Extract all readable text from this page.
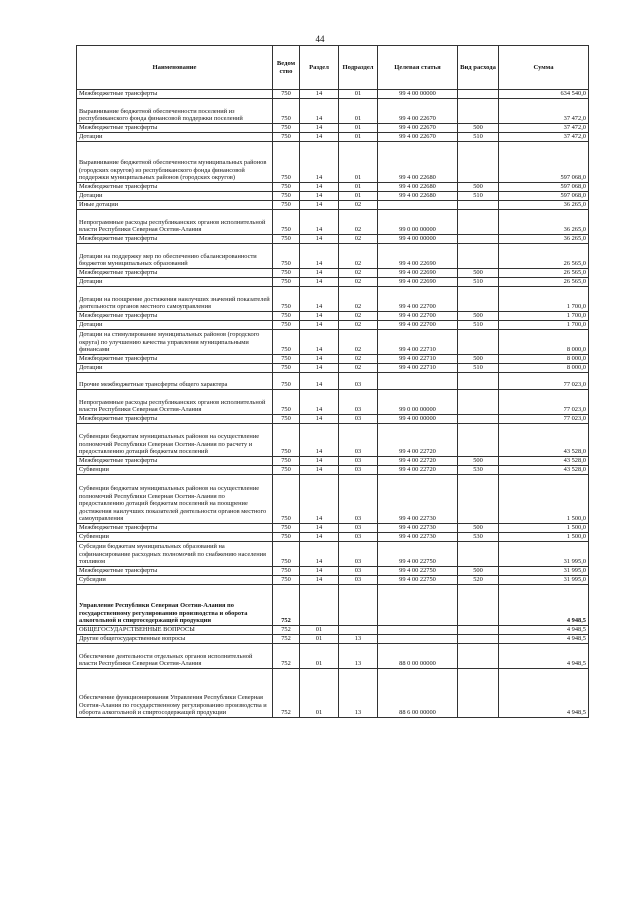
44
Наименование	Ведом ство	Раздел	Подраздел	Целевая статья	Вид расхода	Сумма
Межбюджетные трансферты	750	14	01	99 4 00 00000		634 540,0
Выравнивание бюджетной обеспеченности поселений из республиканского фонда финансовой поддержки поселений	750	14	01	99 4 00 22670		37 472,0
Межбюджетные трансферты	750	14	01	99 4 00 22670	500	37 472,0
Дотации	750	14	01	99 4 00 22670	510	37 472,0
Выравнивание бюджетной обеспеченности муниципальных районов (городских округов) из республиканского фонда финансовой поддержки муниципальных районов (городских округов)	750	14	01	99 4 00 22680		597 068,0
Межбюджетные трансферты	750	14	01	99 4 00 22680	500	597 068,0
Дотации	750	14	01	99 4 00 22680	510	597 068,0
Иные дотации	750	14	02			36 265,0
Непрограммные расходы республиканских органов исполнительной власти Республики Северная Осетия-Алания	750	14	02	99 0 00 00000		36 265,0
Межбюджетные трансферты	750	14	02	99 4 00 00000		36 265,0
Дотации на поддержку мер по обеспечению сбалансированности бюджетов муниципальных образований	750	14	02	99 4 00 22690		26 565,0
Межбюджетные трансферты	750	14	02	99 4 00 22690	500	26 565,0
Дотации	750	14	02	99 4 00 22690	510	26 565,0
Дотации на поощрение достижения наилучших значений показателей деятельности органов местного самоуправления	750	14	02	99 4 00 22700		1 700,0
Межбюджетные трансферты	750	14	02	99 4 00 22700	500	1 700,0
Дотации	750	14	02	99 4 00 22700	510	1 700,0
Дотации на стимулирование муниципальных районов (городского округа) по улучшению качества управления муниципальными финансами	750	14	02	99 4 00 22710		8 000,0
Межбюджетные трансферты	750	14	02	99 4 00 22710	500	8 000,0
Дотации	750	14	02	99 4 00 22710	510	8 000,0
Прочие межбюджетные трансферты общего характера	750	14	03			77 023,0
Непрограммные расходы республиканских органов исполнительной власти Республики Северная Осетия-Алания	750	14	03	99 0 00 00000		77 023,0
Межбюджетные трансферты	750	14	03	99 4 00 00000		77 023,0
Субвенции бюджетам муниципальных районов на осуществление полномочий Республики Северная Осетия-Алания по расчету и предоставлению дотаций бюджетам поселений	750	14	03	99 4 00 22720		43 528,0
Межбюджетные трансферты	750	14	03	99 4 00 22720	500	43 528,0
Субвенции	750	14	03	99 4 00 22720	530	43 528,0
Субвенции бюджетам муниципальных районов на осуществление полномочий Республики Северная Осетия-Алания по предоставлению дотаций бюджетам поселений на поощрение достижения наилучших показателей деятельности органов местного самоуправления	750	14	03	99 4 00 22730		1 500,0
Межбюджетные трансферты	750	14	03	99 4 00 22730	500	1 500,0
Субвенции	750	14	03	99 4 00 22730	530	1 500,0
Субсидии бюджетам муниципальных образований на софинансирование расходных полномочий по снабжению населения топливом	750	14	03	99 4 00 22750		31 995,0
Межбюджетные трансферты	750	14	03	99 4 00 22750	500	31 995,0
Субсидии	750	14	03	99 4 00 22750	520	31 995,0
Управление Республики Северная Осетия-Алания по государственному регулированию производства и оборота алкогольной и спиртосодержащей продукции	752					4 948,5
ОБЩЕГОСУДАРСТВЕННЫЕ ВОПРОСЫ	752	01				4 948,5
Другие общегосударственные вопросы	752	01	13			4 948,5
Обеспечение деятельности отдельных органов исполнительной власти Республики Северная Осетия-Алания	752	01	13	88 0 00 00000		4 948,5
Обеспечение функционирования Управления Республики Северная Осетия-Алания по государственному регулированию производства и оборота алкогольной и спиртосодержащей продукции	752	01	13	88 6 00 00000		4 948,5
